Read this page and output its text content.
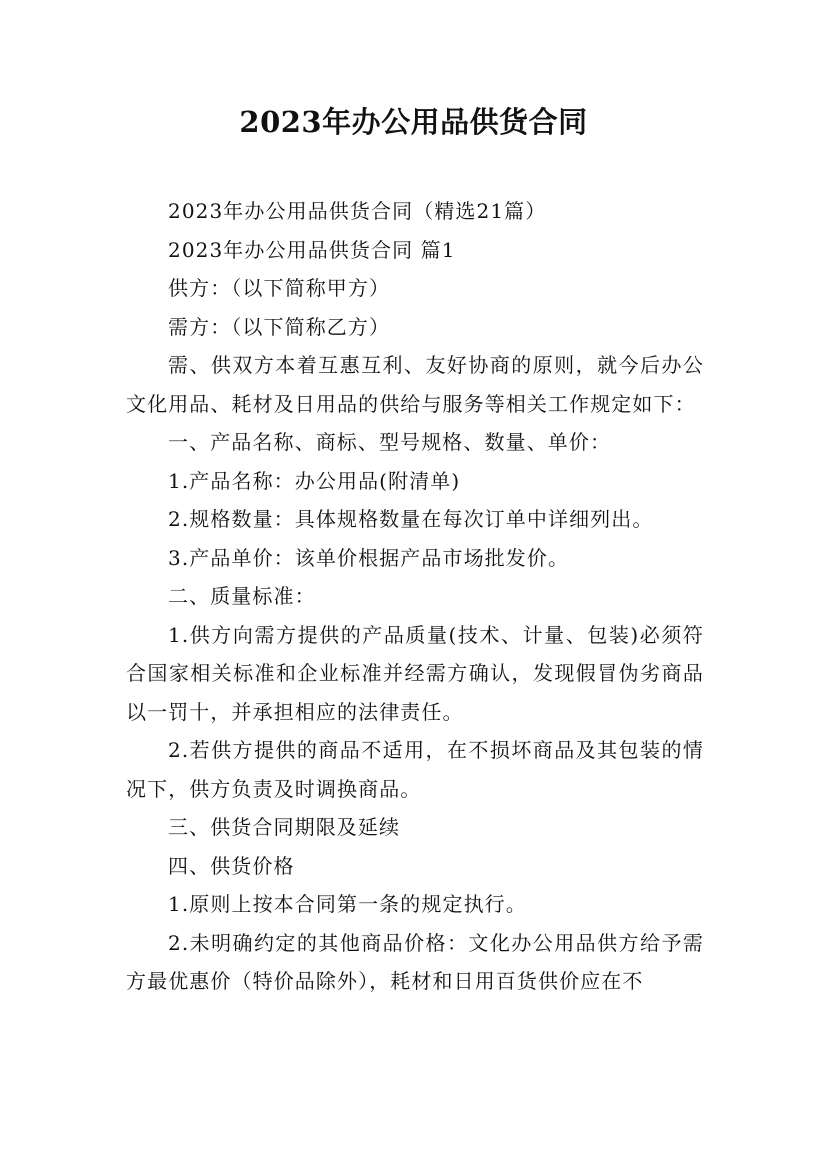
2023年办公用品供货合同

2023年办公用品供货合同（精选21篇）

2023年办公用品供货合同 篇1

供方：（以下简称甲方）

需方：（以下简称乙方）

需、供双方本着互惠互利、友好协商的原则，就今后办公文化用品、耗材及日用品的供给与服务等相关工作规定如下：

一、产品名称、商标、型号规格、数量、单价：

1.产品名称：办公用品(附清单)

2.规格数量：具体规格数量在每次订单中详细列出。

3.产品单价：该单价根据产品市场批发价。

二、质量标准：

1.供方向需方提供的产品质量(技术、计量、包装)必须符合国家相关标准和企业标准并经需方确认，发现假冒伪劣商品以一罚十，并承担相应的法律责任。

2.若供方提供的商品不适用，在不损坏商品及其包装的情况下，供方负责及时调换商品。

三、供货合同期限及延续

四、供货价格

1.原则上按本合同第一条的规定执行。

2.未明确约定的其他商品价格：文化办公用品供方给予需方最优惠价（特价品除外），耗材和日用百货供价应在不
